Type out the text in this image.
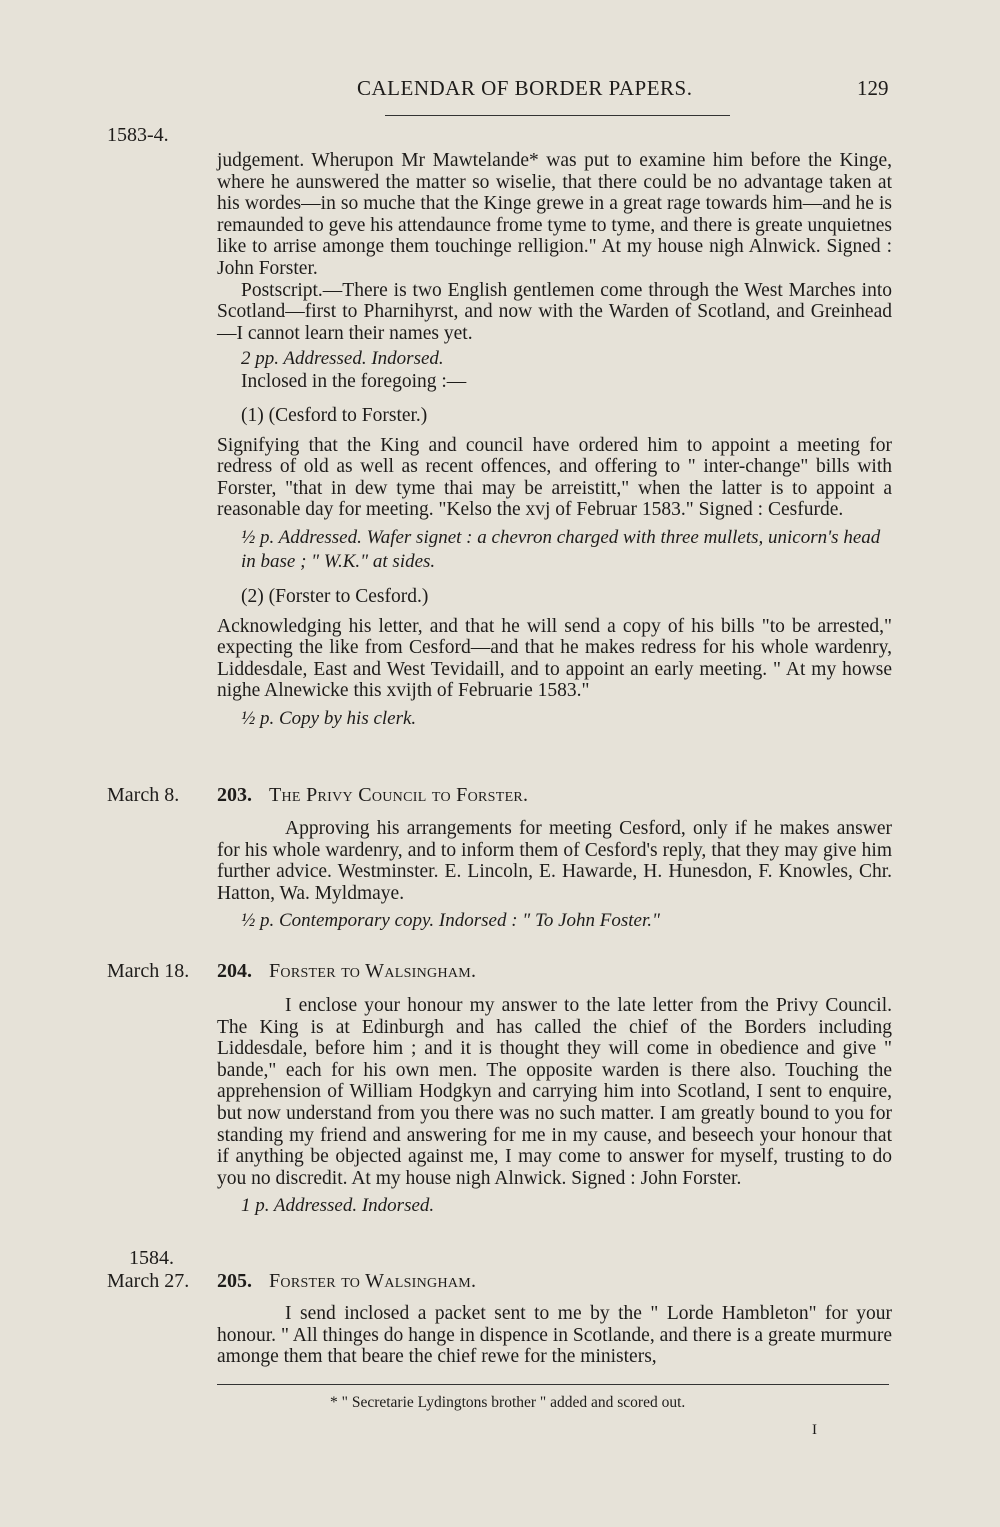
CALENDAR OF BORDER PAPERS.	129
1583-4.
March 8.
March 18.
1584.
March 27.

judgement. Wherupon Mr Mawtelande* was put to examine him before the Kinge, where he aunswered the matter so wiselie, that there could be no advantage taken at his wordes—in so muche that the Kinge grewe in a great rage towards him—and he is remaunded to geve his attendaunce frome tyme to tyme, and there is greate unquietnes like to arrise amonge them touchinge relligion." At my house nigh Alnwick. Signed : John Forster.

Postscript.—There is two English gentlemen come through the West Marches into Scotland—first to Pharnihyrst, and now with the Warden of Scotland, and Greinhead—I cannot learn their names yet.

2 pp. Addressed. Indorsed.

Inclosed in the foregoing :—

(1) (Cesford to Forster.)

Signifying that the King and council have ordered him to appoint a meeting for redress of old as well as recent offences, and offering to " inter-change" bills with Forster, "that in dew tyme thai may be arreistitt," when the latter is to appoint a reasonable day for meeting. "Kelso the xvj of Februar 1583." Signed : Cesfurde.

½ p. Addressed. Wafer signet : a chevron charged with three mullets, unicorn's head in base ; " W.K." at sides.

(2) (Forster to Cesford.)

Acknowledging his letter, and that he will send a copy of his bills "to be arrested," expecting the like from Cesford—and that he makes redress for his whole wardenry, Liddesdale, East and West Tevidaill, and to appoint an early meeting. " At my howse nighe Alnewicke this xvijth of Februarie 1583."

½ p. Copy by his clerk.

203. The Privy Council to Forster.

Approving his arrangements for meeting Cesford, only if he makes answer for his whole wardenry, and to inform them of Cesford's reply, that they may give him further advice. Westminster. E. Lincoln, E. Hawarde, H. Hunesdon, F. Knowles, Chr. Hatton, Wa. Myldmaye.

½ p. Contemporary copy. Indorsed : " To John Foster."

204. Forster to Walsingham.

I enclose your honour my answer to the late letter from the Privy Council. The King is at Edinburgh and has called the chief of the Borders including Liddesdale, before him ; and it is thought they will come in obedience and give " bande," each for his own men. The opposite warden is there also. Touching the apprehension of William Hodgkyn and carrying him into Scotland, I sent to enquire, but now understand from you there was no such matter. I am greatly bound to you for standing my friend and answering for me in my cause, and beseech your honour that if anything be objected against me, I may come to answer for myself, trusting to do you no discredit. At my house nigh Alnwick. Signed : John Forster.

1 p. Addressed. Indorsed.

205. Forster to Walsingham.

I send inclosed a packet sent to me by the " Lorde Hambleton" for your honour. " All thinges do hange in dispence in Scotlande, and there is a greate murmure amonge them that beare the chief rewe for the ministers,

* " Secretarie Lydingtons brother " added and scored out.
I
